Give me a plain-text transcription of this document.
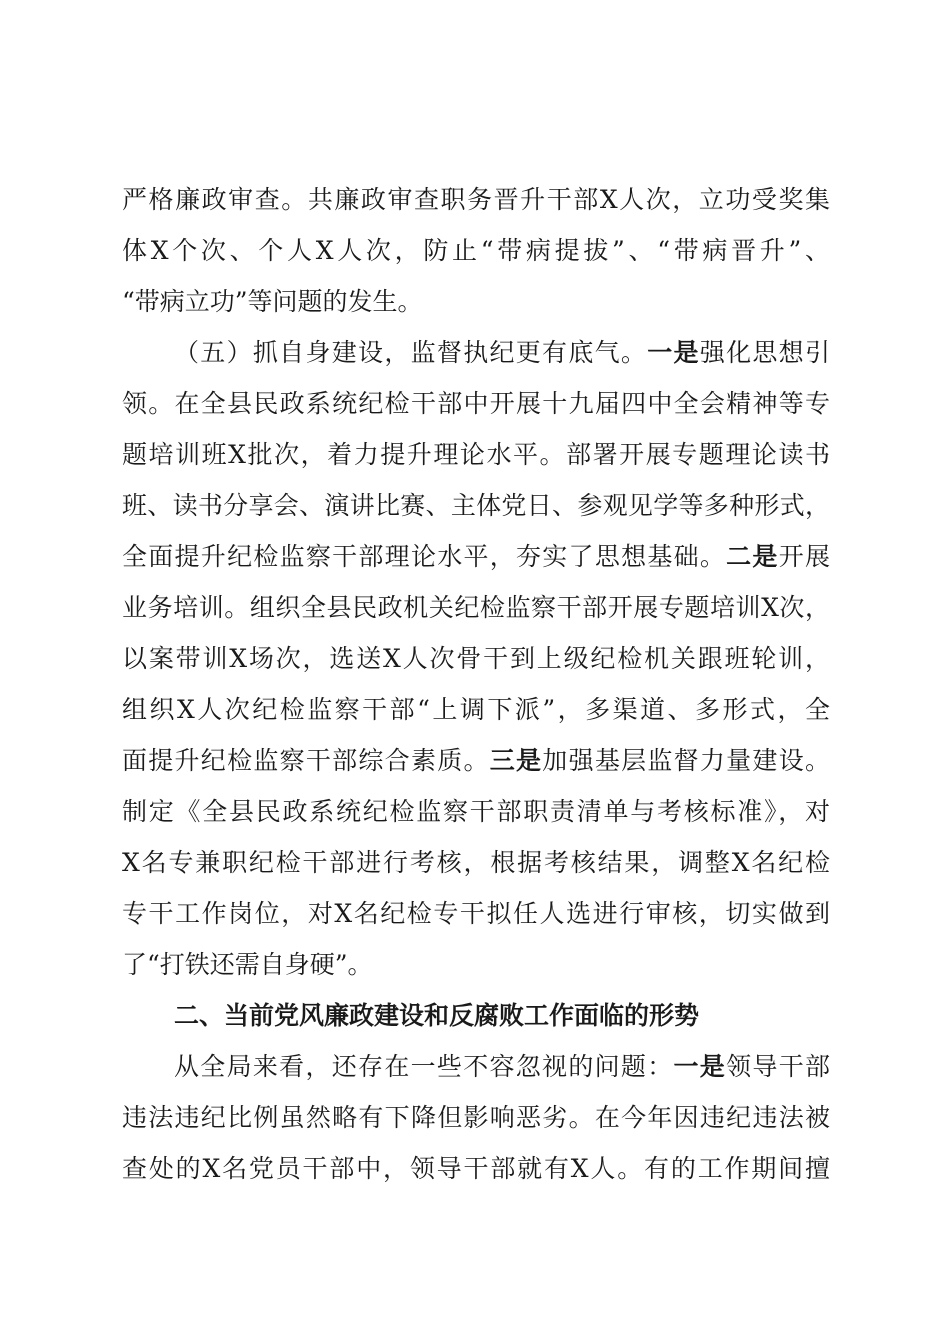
严格廉政审查。共廉政审查职务晋升干部X人次，立功受奖集
体X个次、个人X人次，防止“带病提拔”、“带病晋升”、
“带病立功”等问题的发生。
（五）抓自身建设，监督执纪更有底气。一是强化思想引
领。在全县民政系统纪检干部中开展十九届四中全会精神等专
题培训班X批次，着力提升理论水平。部署开展专题理论读书
班、读书分享会、演讲比赛、主体党日、参观见学等多种形式，
全面提升纪检监察干部理论水平，夯实了思想基础。二是开展
业务培训。组织全县民政机关纪检监察干部开展专题培训X次，
以案带训X场次，选送X人次骨干到上级纪检机关跟班轮训，
组织X人次纪检监察干部“上调下派”，多渠道、多形式，全
面提升纪检监察干部综合素质。三是加强基层监督力量建设。
制定《全县民政系统纪检监察干部职责清单与考核标准》，对
X名专兼职纪检干部进行考核，根据考核结果，调整X名纪检
专干工作岗位，对X名纪检专干拟任人选进行审核，切实做到
了“打铁还需自身硬”。
二、当前党风廉政建设和反腐败工作面临的形势
从全局来看，还存在一些不容忽视的问题：一是领导干部
违法违纪比例虽然略有下降但影响恶劣。在今年因违纪违法被
查处的X名党员干部中，领导干部就有X人。有的工作期间擅
